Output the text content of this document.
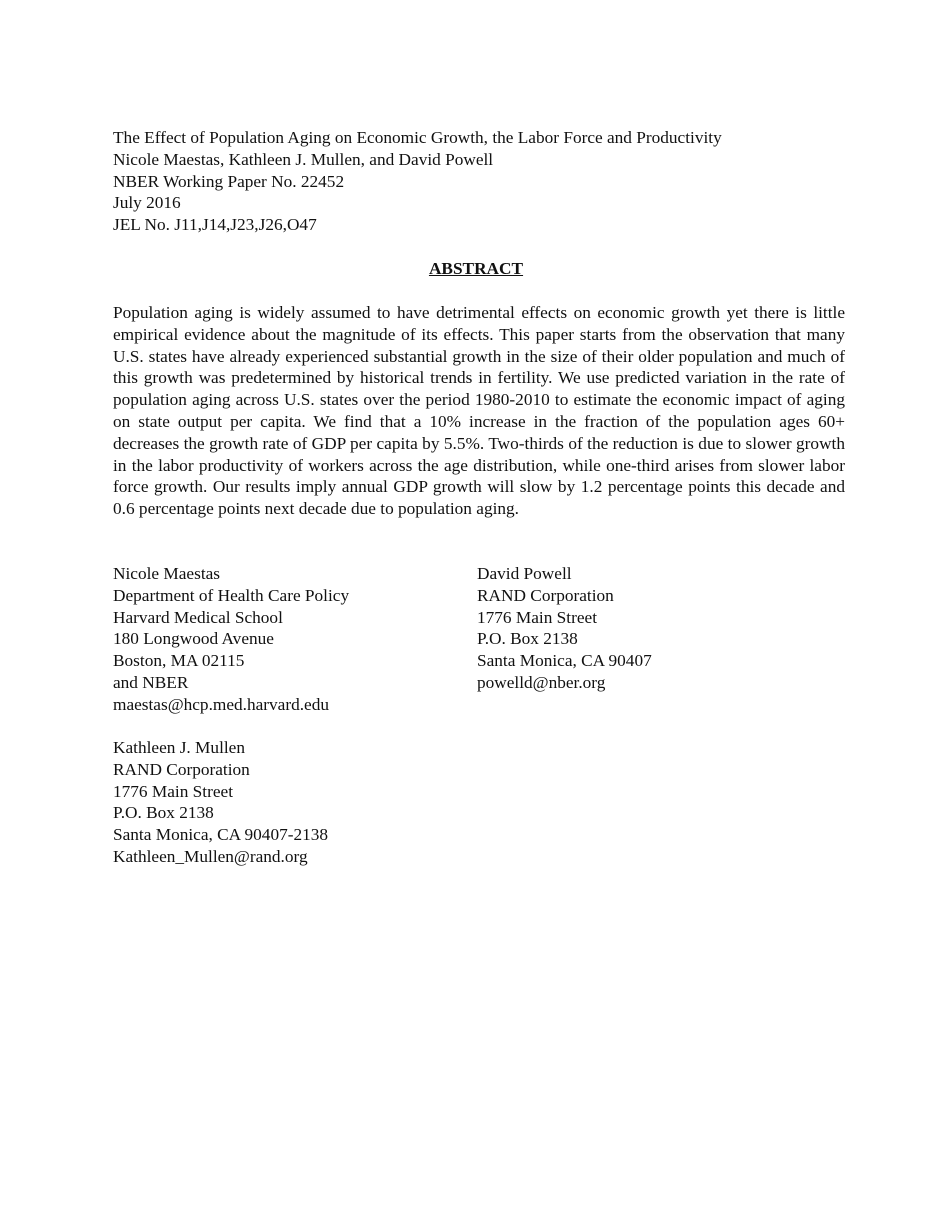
The Effect of Population Aging on Economic Growth, the Labor Force and Productivity
Nicole Maestas, Kathleen J. Mullen, and David Powell
NBER Working Paper No. 22452
July 2016
JEL No. J11,J14,J23,J26,O47
ABSTRACT

Population aging is widely assumed to have detrimental effects on economic growth yet there is little empirical evidence about the magnitude of its effects. This paper starts from the observation that many U.S. states have already experienced substantial growth in the size of their older population and much of this growth was predetermined by historical trends in fertility. We use predicted variation in the rate of population aging across U.S. states over the period 1980-2010 to estimate the economic impact of aging on state output per capita. We find that a 10% increase in the fraction of the population ages 60+ decreases the growth rate of GDP per capita by 5.5%. Two-thirds of the reduction is due to slower growth in the labor productivity of workers across the age distribution, while one-third arises from slower labor force growth. Our results imply annual GDP growth will slow by 1.2 percentage points this decade and 0.6 percentage points next decade due to population aging.

Nicole Maestas
Department of Health Care Policy
Harvard Medical School
180 Longwood Avenue
Boston, MA 02115
and NBER
maestas@hcp.med.harvard.edu
David Powell
RAND Corporation
1776 Main Street
P.O. Box 2138
Santa Monica, CA 90407
powelld@nber.org
Kathleen J. Mullen
RAND Corporation
1776 Main Street
P.O. Box 2138
Santa Monica, CA 90407-2138
Kathleen_Mullen@rand.org
